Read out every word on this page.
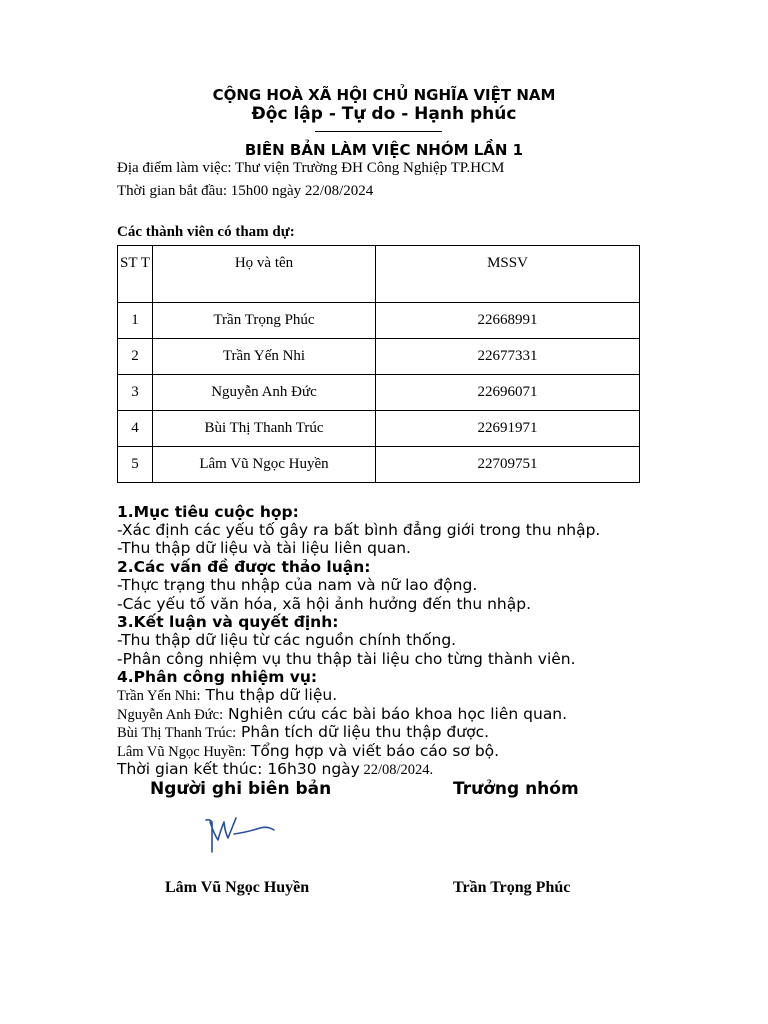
CỘNG HOÀ XÃ HỘI CHỦ NGHĨA VIỆT NAM
Độc lập - Tự do - Hạnh phúc
BIÊN BẢN LÀM VIỆC NHÓM LẦN 1
Địa điểm làm việc: Thư viện Trường ĐH Công Nghiệp TP.HCM
Thời gian bắt đầu: 15h00 ngày 22/08/2024
Các thành viên có tham dự:
ST T	Họ và tên	MSSV
1	Trần Trọng Phúc	22668991
2	Trần Yến Nhi	22677331
3	Nguyễn Anh Đức	22696071
4	Bùi Thị Thanh Trúc	22691971
5	Lâm Vũ Ngọc Huyền	22709751
1.Mục tiêu cuộc họp:
-Xác định các yếu tố gây ra bất bình đẳng giới trong thu nhập.
-Thu thập dữ liệu và tài liệu liên quan.
2.Các vấn đề được thảo luận:
-Thực trạng thu nhập của nam và nữ lao động.
-Các yếu tố văn hóa, xã hội ảnh hưởng đến thu nhập.
3.Kết luận và quyết định:
-Thu thập dữ liệu từ các nguồn chính thống.
-Phân công nhiệm vụ thu thập tài liệu cho từng thành viên.
4.Phân công nhiệm vụ:
Trần Yến Nhi: Thu thập dữ liệu.
Nguyễn Anh Đức: Nghiên cứu các bài báo khoa học liên quan.
Bùi Thị Thanh Trúc: Phân tích dữ liệu thu thập được.
Lâm Vũ Ngọc Huyền: Tổng hợp và viết báo cáo sơ bộ.
Thời gian kết thúc: 16h30 ngày 22/08/2024.
Người ghi biên bản	Trưởng nhóm
Lâm Vũ Ngọc Huyền	Trần Trọng Phúc
